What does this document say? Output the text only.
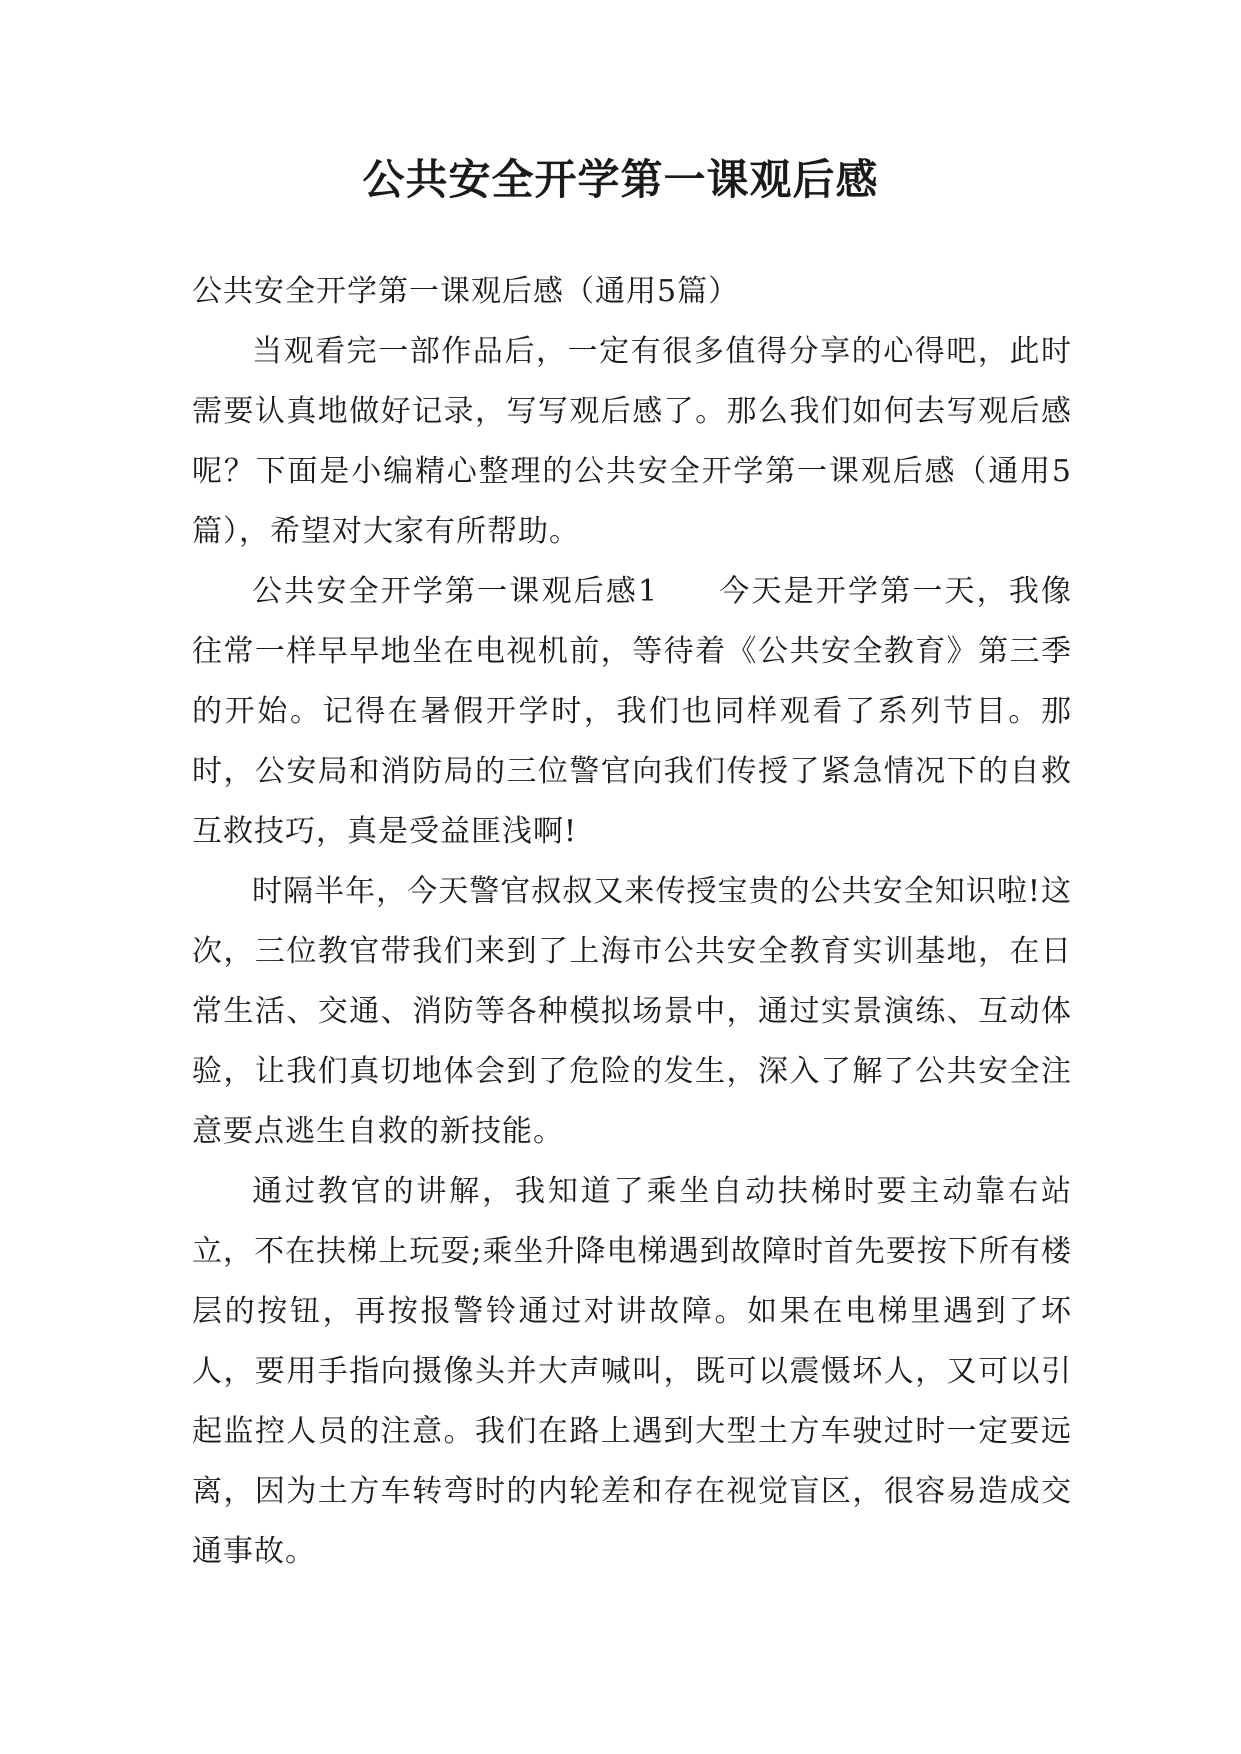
公共安全开学第一课观后感

公共安全开学第一课观后感（通用5篇）

当观看完一部作品后，一定有很多值得分享的心得吧，此时需要认真地做好记录，写写观后感了。那么我们如何去写观后感呢？下面是小编精心整理的公共安全开学第一课观后感（通用5篇），希望对大家有所帮助。

公共安全开学第一课观后感1 今天是开学第一天，我像往常一样早早地坐在电视机前，等待着《公共安全教育》第三季的开始。记得在暑假开学时，我们也同样观看了系列节目。那时，公安局和消防局的三位警官向我们传授了紧急情况下的自救互救技巧，真是受益匪浅啊!

时隔半年，今天警官叔叔又来传授宝贵的公共安全知识啦!这次，三位教官带我们来到了上海市公共安全教育实训基地，在日常生活、交通、消防等各种模拟场景中，通过实景演练、互动体验，让我们真切地体会到了危险的发生，深入了解了公共安全注意要点逃生自救的新技能。

通过教官的讲解，我知道了乘坐自动扶梯时要主动靠右站立，不在扶梯上玩耍;乘坐升降电梯遇到故障时首先要按下所有楼层的按钮，再按报警铃通过对讲故障。如果在电梯里遇到了坏人，要用手指向摄像头并大声喊叫，既可以震慑坏人，又可以引起监控人员的注意。我们在路上遇到大型土方车驶过时一定要远离，因为土方车转弯时的内轮差和存在视觉盲区，很容易造成交通事故。
